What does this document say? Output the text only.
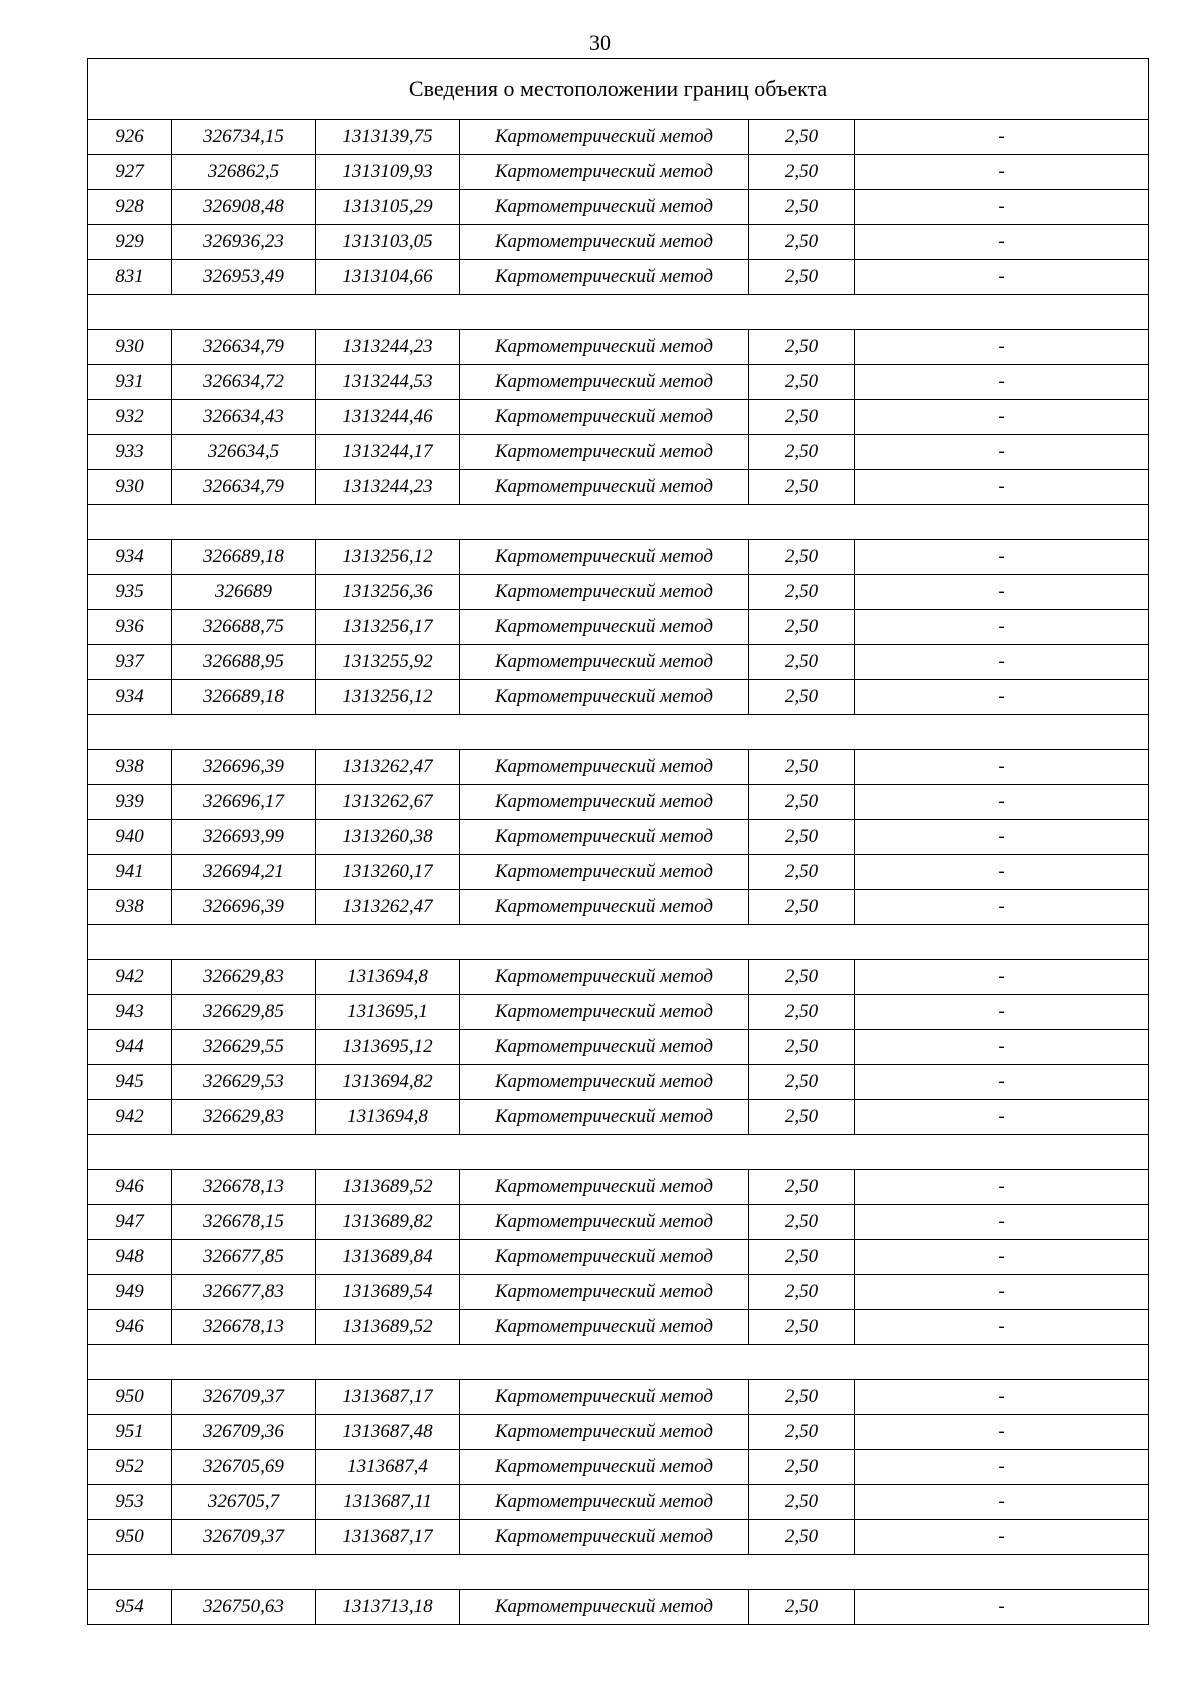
30
Сведения о местоположении границ объекта					
926	326734,15	1313139,75	Картометрический метод	2,50	-
927	326862,5	1313109,93	Картометрический метод	2,50	-
928	326908,48	1313105,29	Картометрический метод	2,50	-
929	326936,23	1313103,05	Картометрический метод	2,50	-
831	326953,49	1313104,66	Картометрический метод	2,50	-

930	326634,79	1313244,23	Картометрический метод	2,50	-
931	326634,72	1313244,53	Картометрический метод	2,50	-
932	326634,43	1313244,46	Картометрический метод	2,50	-
933	326634,5	1313244,17	Картометрический метод	2,50	-
930	326634,79	1313244,23	Картометрический метод	2,50	-

934	326689,18	1313256,12	Картометрический метод	2,50	-
935	326689	1313256,36	Картометрический метод	2,50	-
936	326688,75	1313256,17	Картометрический метод	2,50	-
937	326688,95	1313255,92	Картометрический метод	2,50	-
934	326689,18	1313256,12	Картометрический метод	2,50	-

938	326696,39	1313262,47	Картометрический метод	2,50	-
939	326696,17	1313262,67	Картометрический метод	2,50	-
940	326693,99	1313260,38	Картометрический метод	2,50	-
941	326694,21	1313260,17	Картометрический метод	2,50	-
938	326696,39	1313262,47	Картометрический метод	2,50	-

942	326629,83	1313694,8	Картометрический метод	2,50	-
943	326629,85	1313695,1	Картометрический метод	2,50	-
944	326629,55	1313695,12	Картометрический метод	2,50	-
945	326629,53	1313694,82	Картометрический метод	2,50	-
942	326629,83	1313694,8	Картометрический метод	2,50	-

946	326678,13	1313689,52	Картометрический метод	2,50	-
947	326678,15	1313689,82	Картометрический метод	2,50	-
948	326677,85	1313689,84	Картометрический метод	2,50	-
949	326677,83	1313689,54	Картометрический метод	2,50	-
946	326678,13	1313689,52	Картометрический метод	2,50	-

950	326709,37	1313687,17	Картометрический метод	2,50	-
951	326709,36	1313687,48	Картометрический метод	2,50	-
952	326705,69	1313687,4	Картометрический метод	2,50	-
953	326705,7	1313687,11	Картометрический метод	2,50	-
950	326709,37	1313687,17	Картометрический метод	2,50	-

954	326750,63	1313713,18	Картометрический метод	2,50	-
